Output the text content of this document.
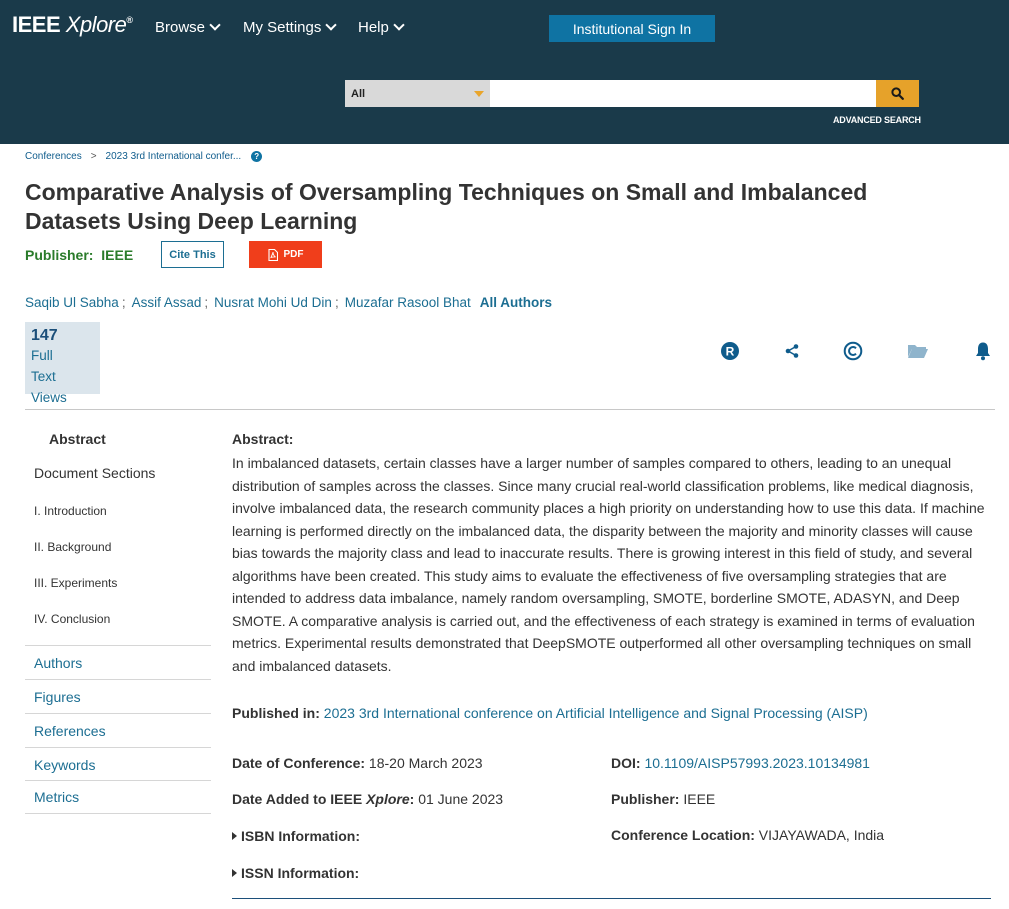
IEEE Xplore® Browse	My Settings Help	Institutional Sign In
All
ADVANCED SEARCH
Conferences > 2023 3rd International confer...	?
Comparative Analysis of Oversampling Techniques on Small and Imbalanced Datasets Using Deep Learning
Publisher: IEEE	Cite This	PDF
Saqib Ul Sabha ; Assif Assad ; Nusrat Mohi Ud Din ; Muzafar Rasool Bhat All Authors
147
Full
Text Views
R
Abstract
Document Sections
I. Introduction
II. Background
III. Experiments
IV. Conclusion
Authors
Figures
References
Keywords
Metrics
Abstract:

In imbalanced datasets, certain classes have a larger number of samples compared to others, leading to an unequal distribution of samples across the classes. Since many crucial real-world classification problems, like medical diagnosis, involve imbalanced data, the research community places a high priority on understanding how to use this data. If machine learning is performed directly on the imbalanced data, the disparity between the majority and minority classes will cause bias towards the majority class and lead to inaccurate results. There is growing interest in this field of study, and several algorithms have been created. This study aims to evaluate the effectiveness of five oversampling strategies that are intended to address data imbalance, namely random oversampling, SMOTE, borderline SMOTE, ADASYN, and Deep SMOTE. A comparative analysis is carried out, and the effectiveness of each strategy is examined in terms of evaluation metrics. Experimental results demonstrated that DeepSMOTE outperformed all other oversampling techniques on small and imbalanced datasets.

Published in: 2023 3rd International conference on Artificial Intelligence and Signal Processing (AISP)
Date of Conference: 18-20 March 2023
Date Added to IEEE Xplore: 01 June 2023
ISBN Information:
ISSN Information:
DOI: 10.1109/AISP57993.2023.10134981
Publisher: IEEE
Conference Location: VIJAYAWADA, India
